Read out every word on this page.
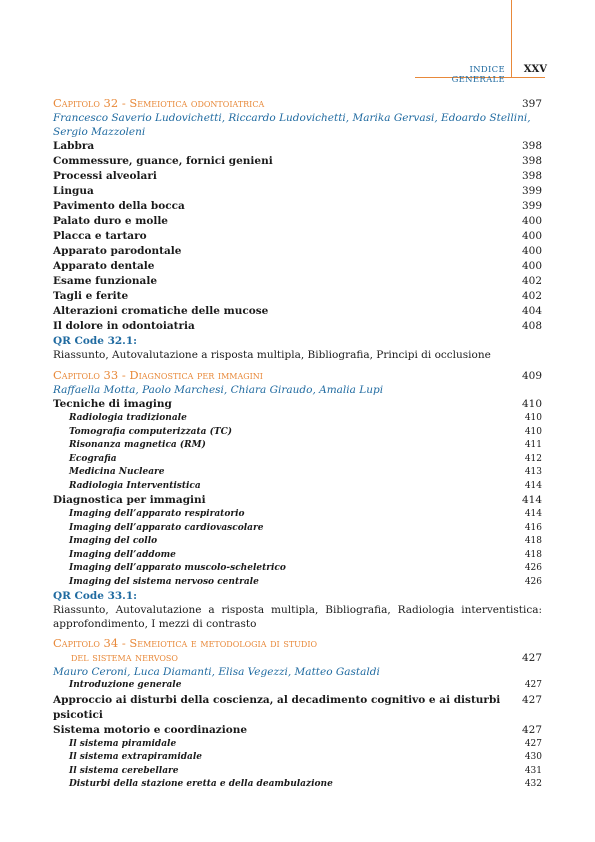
INDICE GENERALE
XXV
Capitolo 32 - Semeiotica odontoiatrica	397
Francesco Saverio Ludovichetti, Riccardo Ludovichetti, Marika Gervasi, Edoardo Stellini, Sergio Mazzoleni
Labbra	398
Commessure, guance, fornici genieni	398
Processi alveolari	398
Lingua	399
Pavimento della bocca	399
Palato duro e molle	400
Placca e tartaro	400
Apparato parodontale	400
Apparato dentale	400
Esame funzionale	402
Tagli e ferite	402
Alterazioni cromatiche delle mucose	404
Il dolore in odontoiatria	408
QR Code 32.1:
Riassunto, Autovalutazione a risposta multipla, Bibliografia, Principi di occlusione
Capitolo 33 - Diagnostica per immagini	409
Raffaella Motta, Paolo Marchesi, Chiara Giraudo, Amalia Lupi
Tecniche di imaging	410
Radiologia tradizionale	410
Tomografia computerizzata (TC)	410
Risonanza magnetica (RM)	411
Ecografia	412
Medicina Nucleare	413
Radiologia Interventistica	414
Diagnostica per immagini	414
Imaging dell’apparato respiratorio	414
Imaging dell’apparato cardiovascolare	416
Imaging del collo	418
Imaging dell’addome	418
Imaging dell’apparato muscolo-scheletrico	426
Imaging del sistema nervoso centrale	426
QR Code 33.1:
Riassunto, Autovalutazione a risposta multipla, Bibliografia, Radiologia interventistica: approfondimento, I mezzi di contrasto
Capitolo 34 - Semeiotica e metodologia di studio
del sistema nervoso	427
Mauro Ceroni, Luca Diamanti, Elisa Vegezzi, Matteo Gastaldi
Introduzione generale	427
Approccio ai disturbi della coscienza, al decadimento cognitivo e ai disturbi psicotici
427
Sistema motorio e coordinazione	427
Il sistema piramidale	427
Il sistema extrapiramidale	430
Il sistema cerebellare	431
Disturbi della stazione eretta e della deambulazione	432
